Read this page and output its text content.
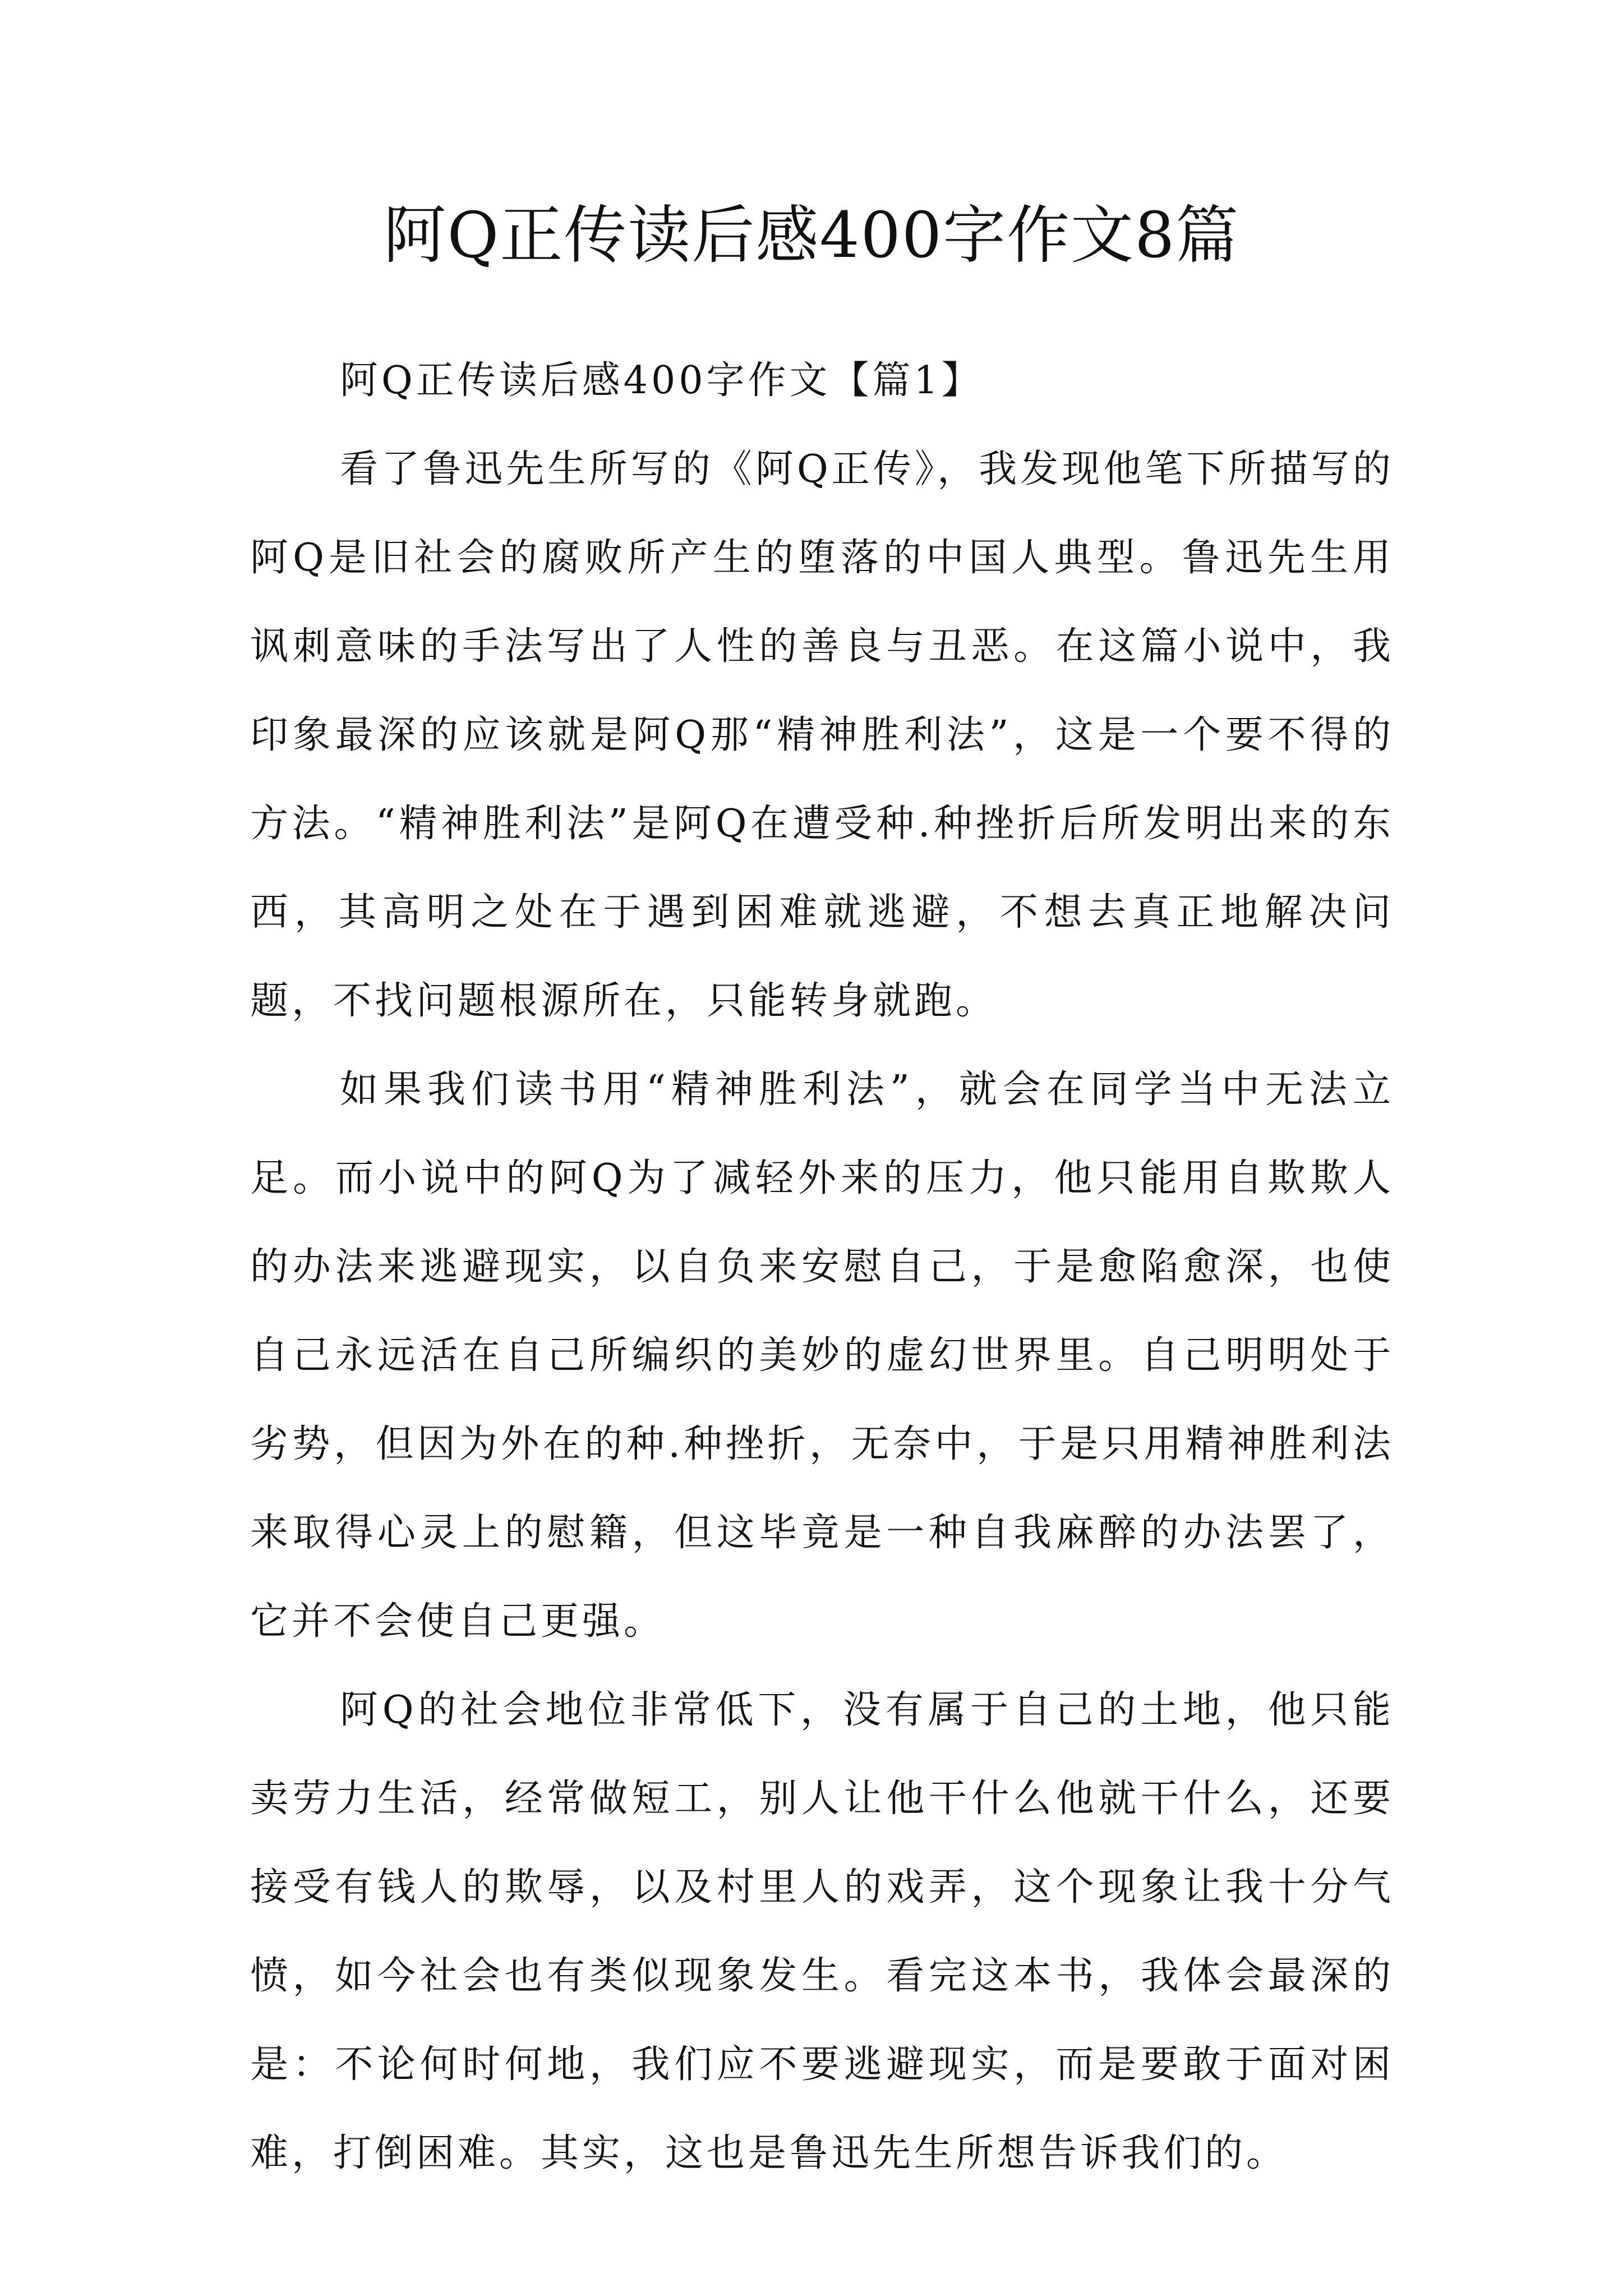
阿Q正传读后感400字作文8篇
阿Q正传读后感400字作文【篇1】

看了鲁迅先生所写的《阿Q正传》，我发现他笔下所描写的阿Q是旧社会的腐败所产生的堕落的中国人典型。鲁迅先生用讽刺意味的手法写出了人性的善良与丑恶。在这篇小说中，我印象最深的应该就是阿Q那“精神胜利法”，这是一个要不得的方法。“精神胜利法”是阿Q在遭受种.种挫折后所发明出来的东西，其高明之处在于遇到困难就逃避，不想去真正地解决问题，不找问题根源所在，只能转身就跑。

如果我们读书用“精神胜利法”，就会在同学当中无法立足。而小说中的阿Q为了减轻外来的压力，他只能用自欺欺人的办法来逃避现实，以自负来安慰自己，于是愈陷愈深，也使自己永远活在自己所编织的美妙的虚幻世界里。自己明明处于劣势，但因为外在的种.种挫折，无奈中，于是只用精神胜利法来取得心灵上的慰籍，但这毕竟是一种自我麻醉的办法罢了，它并不会使自己更强。

阿Q的社会地位非常低下，没有属于自己的土地，他只能卖劳力生活，经常做短工，别人让他干什么他就干什么，还要接受有钱人的欺辱，以及村里人的戏弄，这个现象让我十分气愤，如今社会也有类似现象发生。看完这本书，我体会最深的是：不论何时何地，我们应不要逃避现实，而是要敢于面对困难，打倒困难。其实，这也是鲁迅先生所想告诉我们的。
